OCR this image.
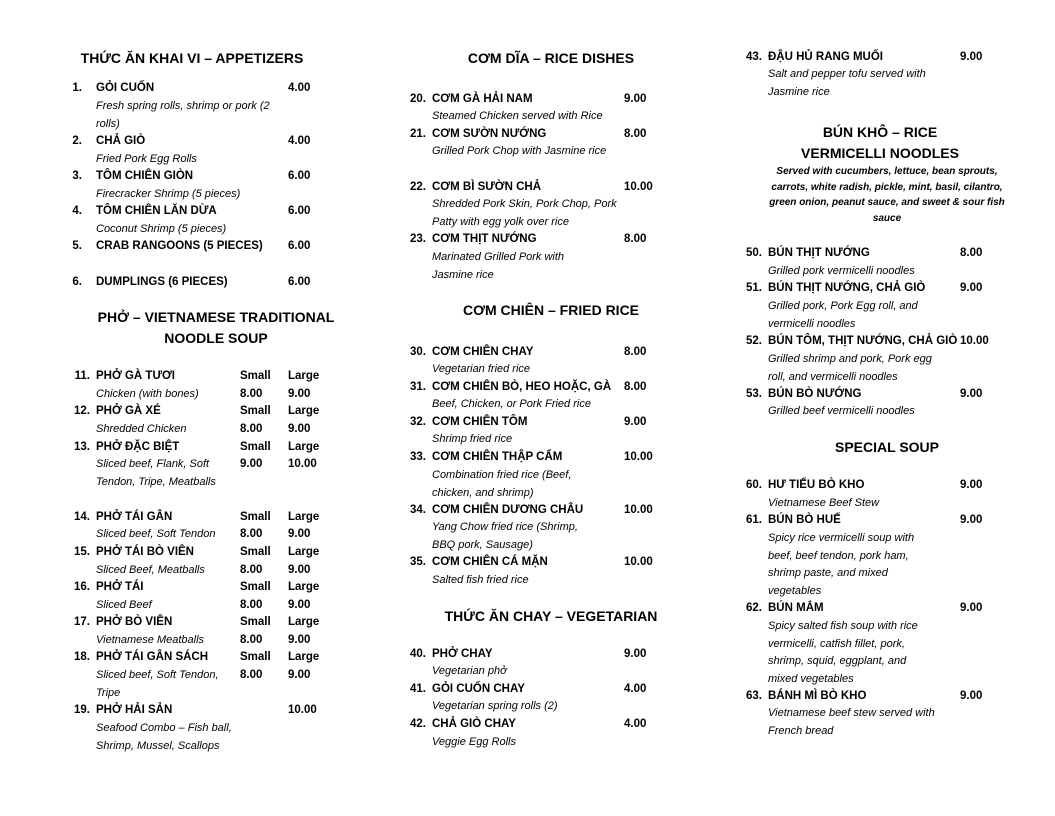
THỨC ĂN KHAI VI – APPETIZERS
1. GỎI CUỐN	4.00
Fresh spring rolls, shrimp or pork (2 rolls)
2. CHẢ GIÒ	4.00
Fried Pork Egg Rolls
3. TÔM CHIÊN GIÒN	6.00
Firecracker Shrimp (5 pieces)
4. TÔM CHIÊN LĂN DỪA	6.00
Coconut Shrimp (5 pieces)
5. CRAB RANGOONS (5 PIECES) 6.00
6. DUMPLINGS (6 PIECES)	6.00
PHỞ – VIETNAMESE TRADITIONAL NOODLE SOUP
11. PHỞ GÀ TƯƠI	Small Large
Chicken (with bones)	8.00 9.00
12. PHỞ GÀ XÉ	Small Large
Shredded Chicken	8.00 9.00
13. PHỞ ĐẶC BIỆT	Small Large
Sliced beef, Flank, Soft Tendon, Tripe, Meatballs
9.00 10.00
14. PHỞ TÁI GÂN	Small Large
Sliced beef, Soft Tendon	8.00 9.00
15. PHỞ TÁI BÒ VIÊN	Small Large
Sliced Beef, Meatballs	8.00 9.00
16. PHỞ TÁI	Small Large
Sliced Beef	8.00 9.00
17. PHỞ BÒ VIÊN	Small Large
Vietnamese Meatballs	8.00 9.00
18. PHỞ TÁI GÂN SÁCH	Small Large
Sliced beef, Soft Tendon, Tripe
8.00 9.00
19. PHỞ HẢI SẢN	10.00
Seafood Combo – Fish ball, Shrimp, Mussel, Scallops
CƠM DĨA – RICE DISHES
20. CƠM GÀ HẢI NAM	9.00
Steamed Chicken served with Rice
21. CƠM SƯỜN NƯỚNG	8.00
Grilled Pork Chop with Jasmine rice
22. CƠM BÌ SƯỜN CHẢ	10.00
Shredded Pork Skin, Pork Chop, Pork Patty with egg yolk over rice
23. CƠM THỊT NƯỚNG	8.00
Marinated Grilled Pork with Jasmine rice
CƠM CHIÊN – FRIED RICE
30. CƠM CHIÊN CHAY	8.00
Vegetarian fried rice
31. CƠM CHIÊN BÒ, HEO HOẶC, GÀ 8.00
Beef, Chicken, or Pork Fried rice
32. CƠM CHIÊN TÔM	9.00
Shrimp fried rice
33. CƠM CHIÊN THẬP CẨM	10.00
Combination fried rice (Beef, chicken, and shrimp)
34. CƠM CHIÊN DƯƠNG CHÂU	10.00
Yang Chow fried rice (Shrimp, BBQ pork, Sausage)
35. CƠM CHIÊN CÁ MẶN	10.00
Salted fish fried rice
THỨC ĂN CHAY – VEGETARIAN
40. PHỞ CHAY	9.00
Vegetarian phở
41. GỎI CUỐN CHAY	4.00
Vegetarian spring rolls (2)
42. CHẢ GIÒ CHAY	4.00
Veggie Egg Rolls
43. ĐẬU HỦ RANG MUỐI	9.00
Salt and pepper tofu served with Jasmine rice
BÚN KHÔ – RICE VERMICELLI NOODLES
Served with cucumbers, lettuce, bean sprouts, carrots, white radish, pickle, mint, basil, cilantro, green onion, peanut sauce, and sweet & sour fish sauce
50. BÚN THỊT NƯỚNG	8.00
Grilled pork vermicelli noodles
51. BÚN THỊT NƯỚNG, CHẢ GIÒ	9.00
Grilled pork, Pork Egg roll, and vermicelli noodles
52. BÚN TÔM, THỊT NƯỚNG, CHẢ GIÒ 10.00
Grilled shrimp and pork, Pork egg roll, and vermicelli noodles
53. BÚN BÒ NƯỚNG	9.00
Grilled beef vermicelli noodles
SPECIAL SOUP
60. HƯ TIẾU BÒ KHO	9.00
Vietnamese Beef Stew
61. BÚN BÒ HUẾ	9.00
Spicy rice vermicelli soup with beef, beef tendon, pork ham, shrimp paste, and mixed vegetables
62. BÚN MẮM	9.00
Spicy salted fish soup with rice vermicelli, catfish fillet, pork, shrimp, squid, eggplant, and mixed vegetables
63. BÁNH MÌ BÒ KHO	9.00
Vietnamese beef stew served with French bread
